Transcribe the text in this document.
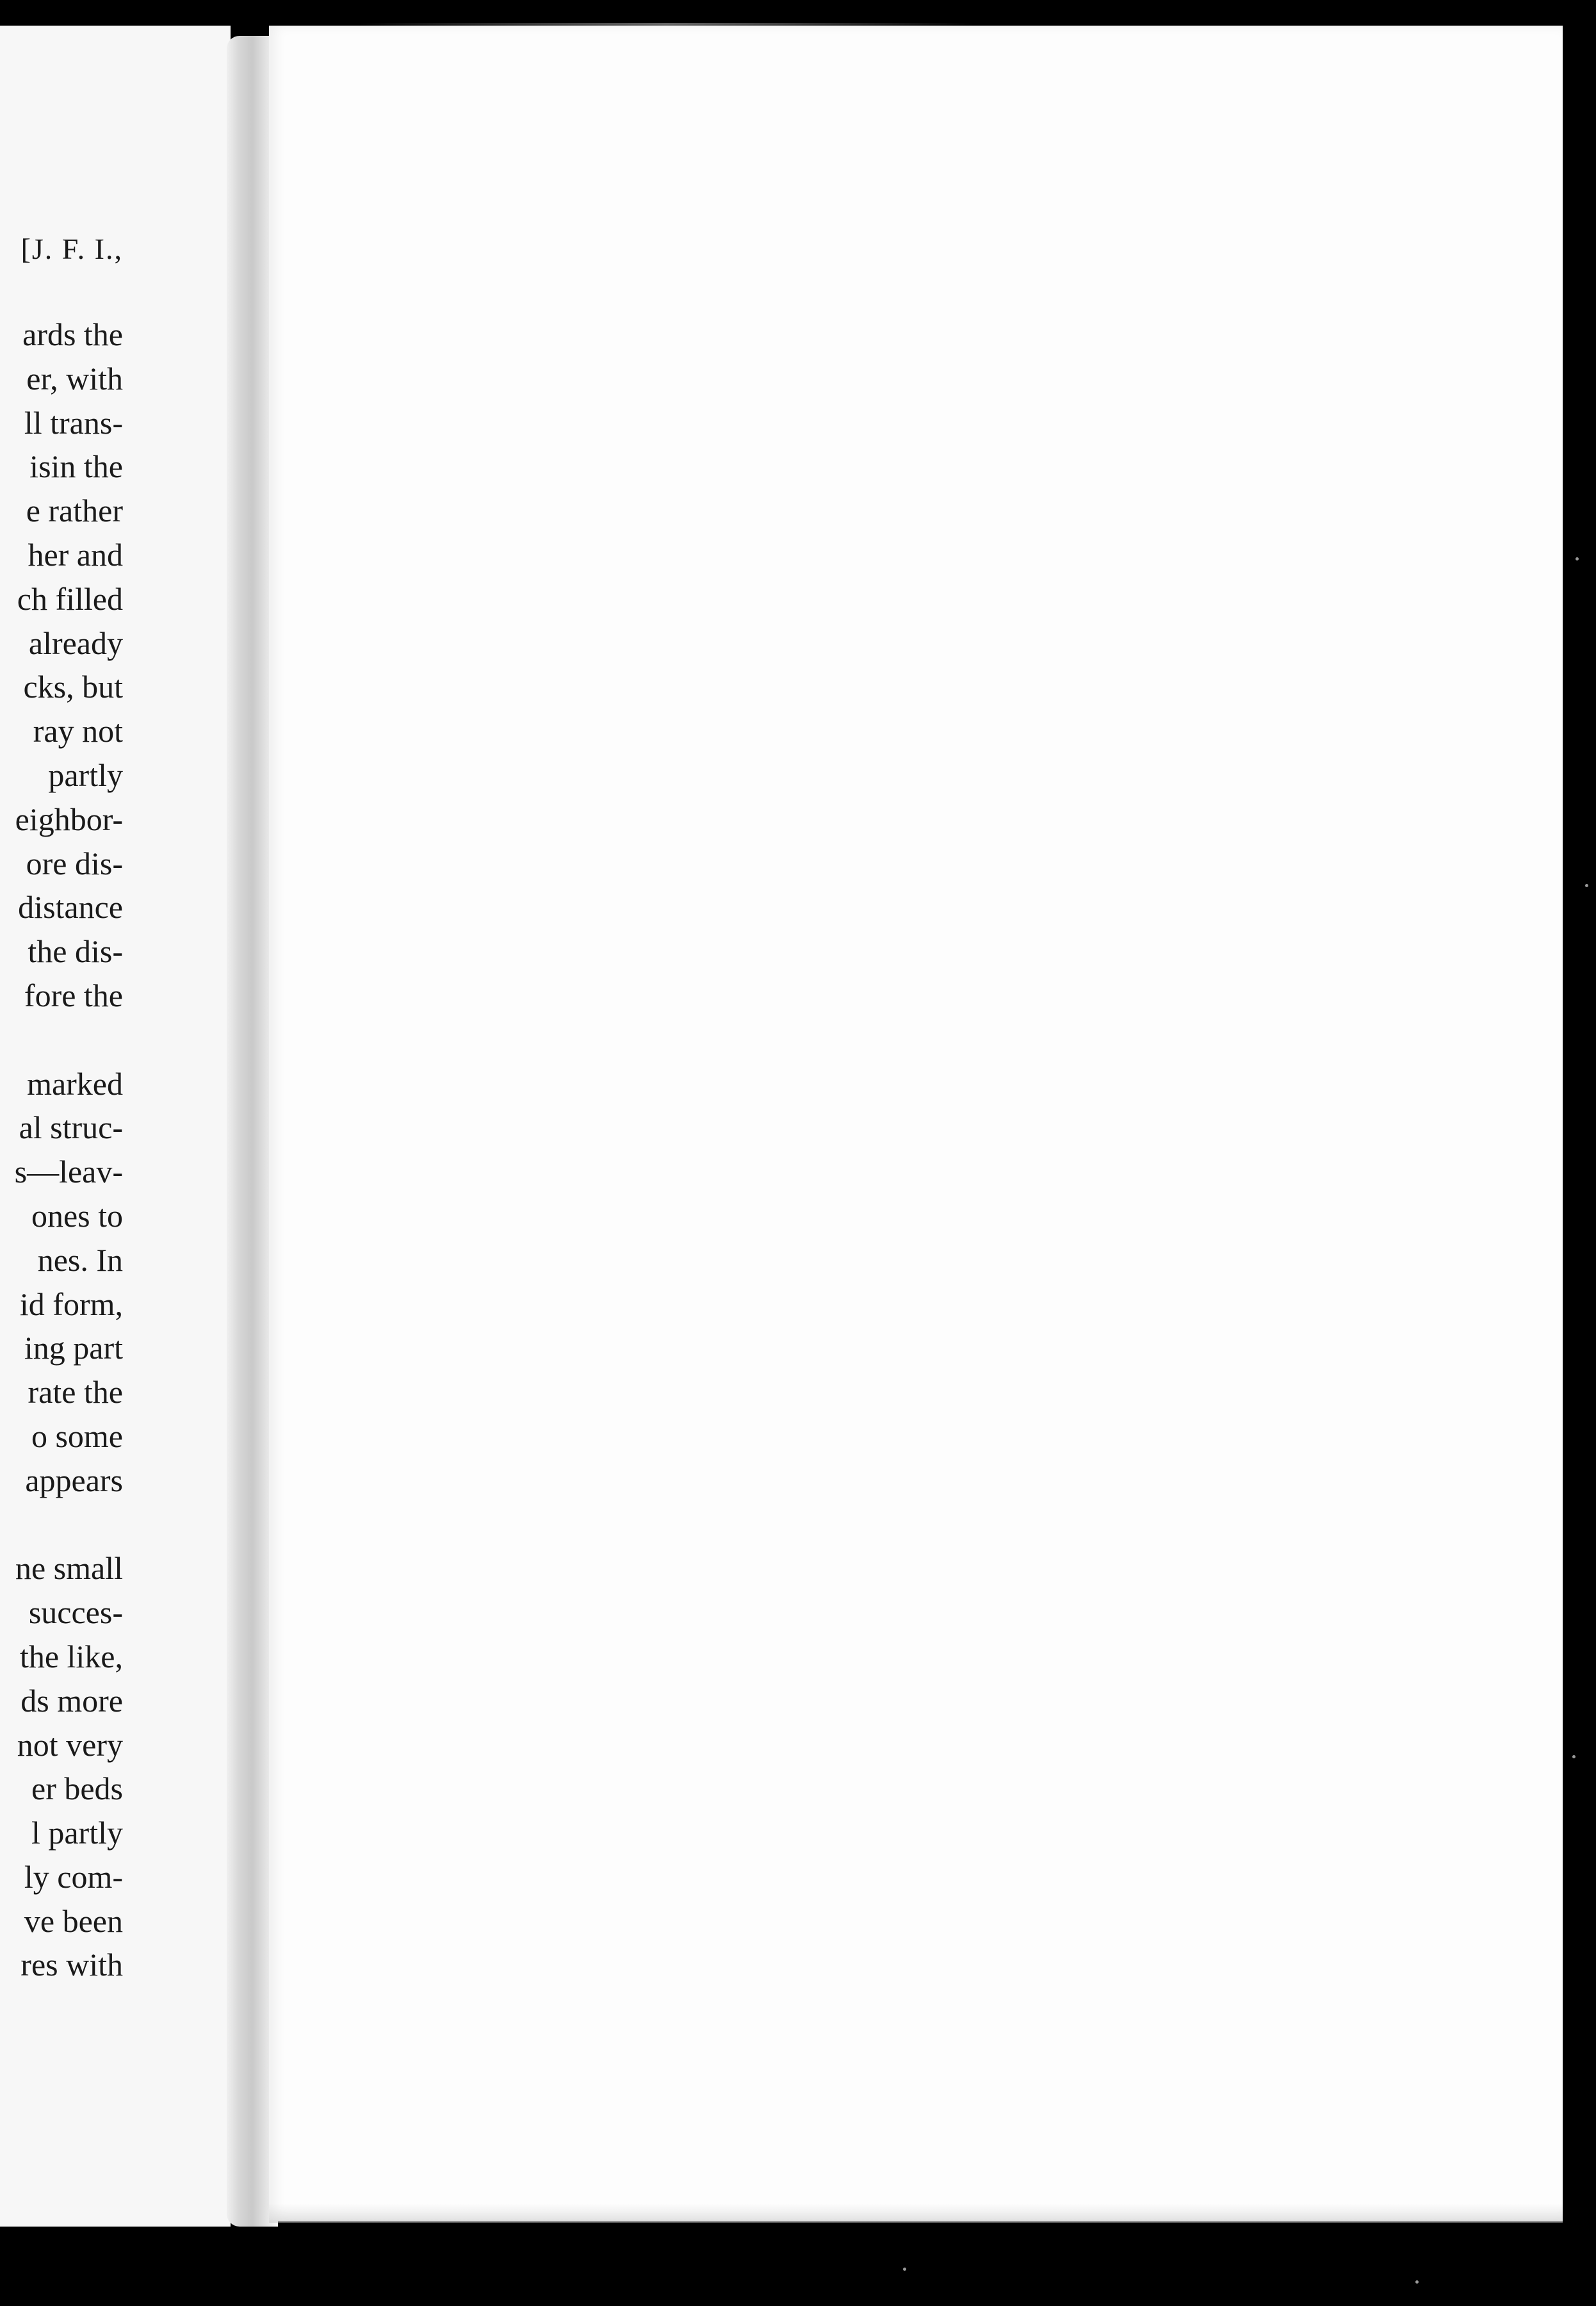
[J. F. I.,
ards the
er, with
ll trans-
isin the
e rather
her and
ch filled
already
cks, but
ray not
partly
eighbor-
ore dis-
distance
the dis-
fore the
marked
al struc-
s—leav-
ones to
nes. In
id form,
ing part
rate the
o some
appears
ne small
succes-
the like,
ds more
not very
er beds
l partly
ly com-
ve been
res with
